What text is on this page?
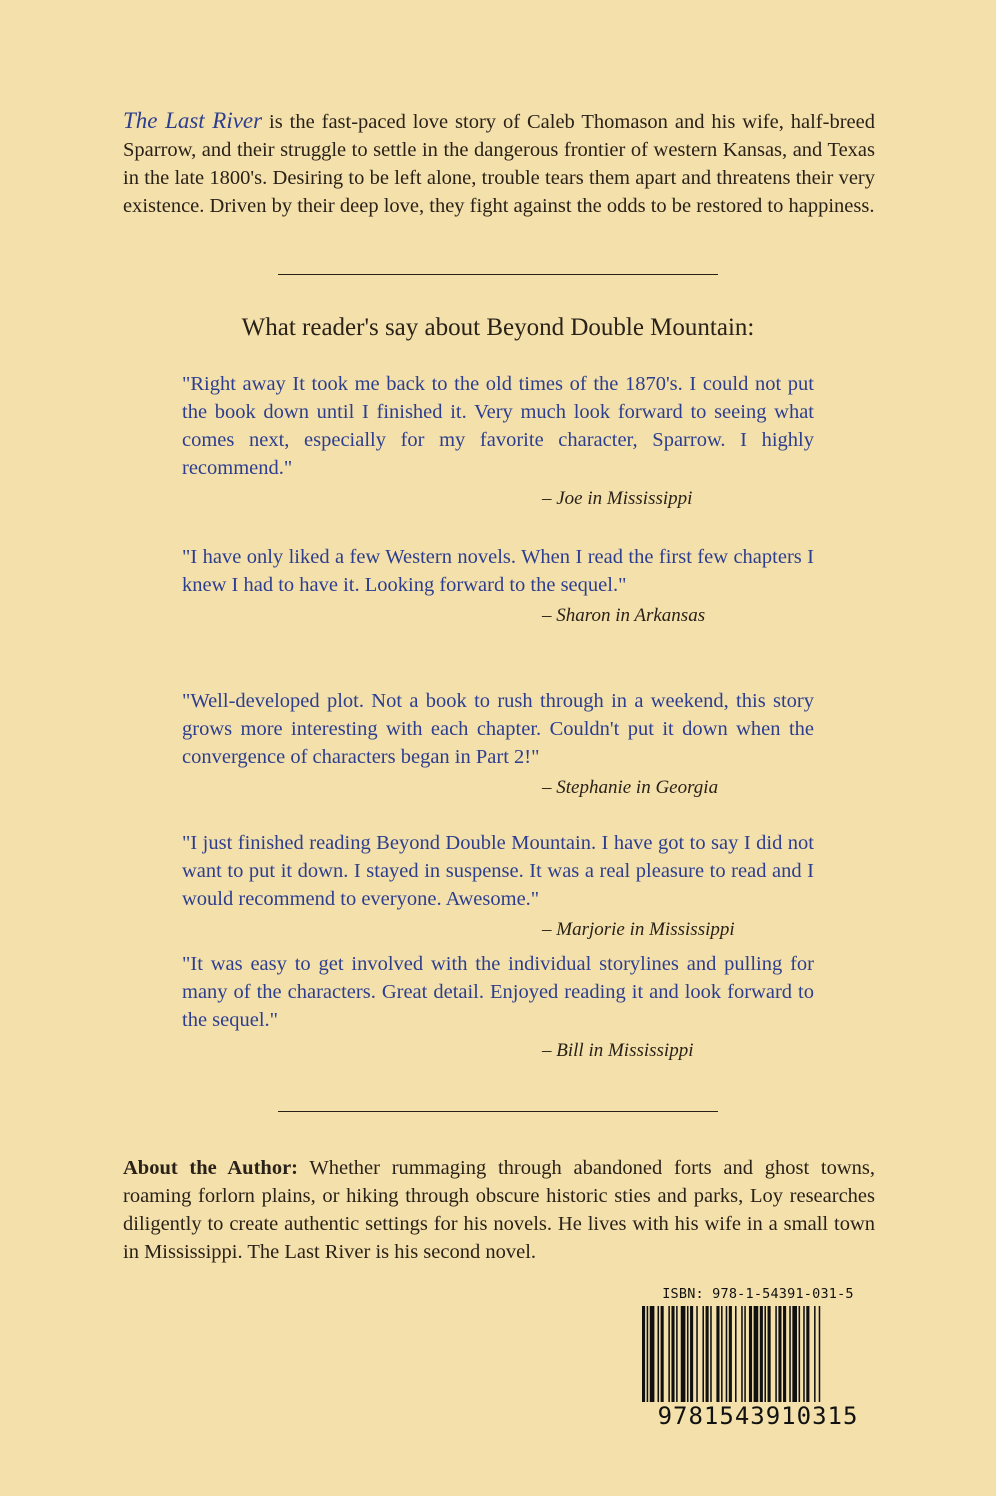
The Last River is the fast-paced love story of Caleb Thomason and his wife, half-breed Sparrow, and their struggle to settle in the dangerous frontier of western Kansas, and Texas in the late 1800's. Desiring to be left alone, trouble tears them apart and threatens their very existence. Driven by their deep love, they fight against the odds to be restored to happiness.
What reader's say about Beyond Double Mountain:
"Right away It took me back to the old times of the 1870's. I could not put the book down until I finished it. Very much look forward to seeing what comes next, especially for my favorite character, Sparrow. I highly recommend."
– Joe in Mississippi
"I have only liked a few Western novels. When I read the first few chapters I knew I had to have it. Looking forward to the sequel."
– Sharon in Arkansas
"Well-developed plot. Not a book to rush through in a weekend, this story grows more interesting with each chapter. Couldn't put it down when the convergence of characters began in Part 2!"
– Stephanie in Georgia
"I just finished reading Beyond Double Mountain. I have got to say I did not want to put it down. I stayed in suspense. It was a real pleasure to read and I would recommend to everyone. Awesome."
– Marjorie in Mississippi
"It was easy to get involved with the individual storylines and pulling for many of the characters. Great detail. Enjoyed reading it and look forward to the sequel."
– Bill in Mississippi
About the Author: Whether rummaging through abandoned forts and ghost towns, roaming forlorn plains, or hiking through obscure historic sties and parks, Loy researches diligently to create authentic settings for his novels. He lives with his wife in a small town in Mississippi. The Last River is his second novel.
ISBN: 978-1-54391-031-5
9781543910315
